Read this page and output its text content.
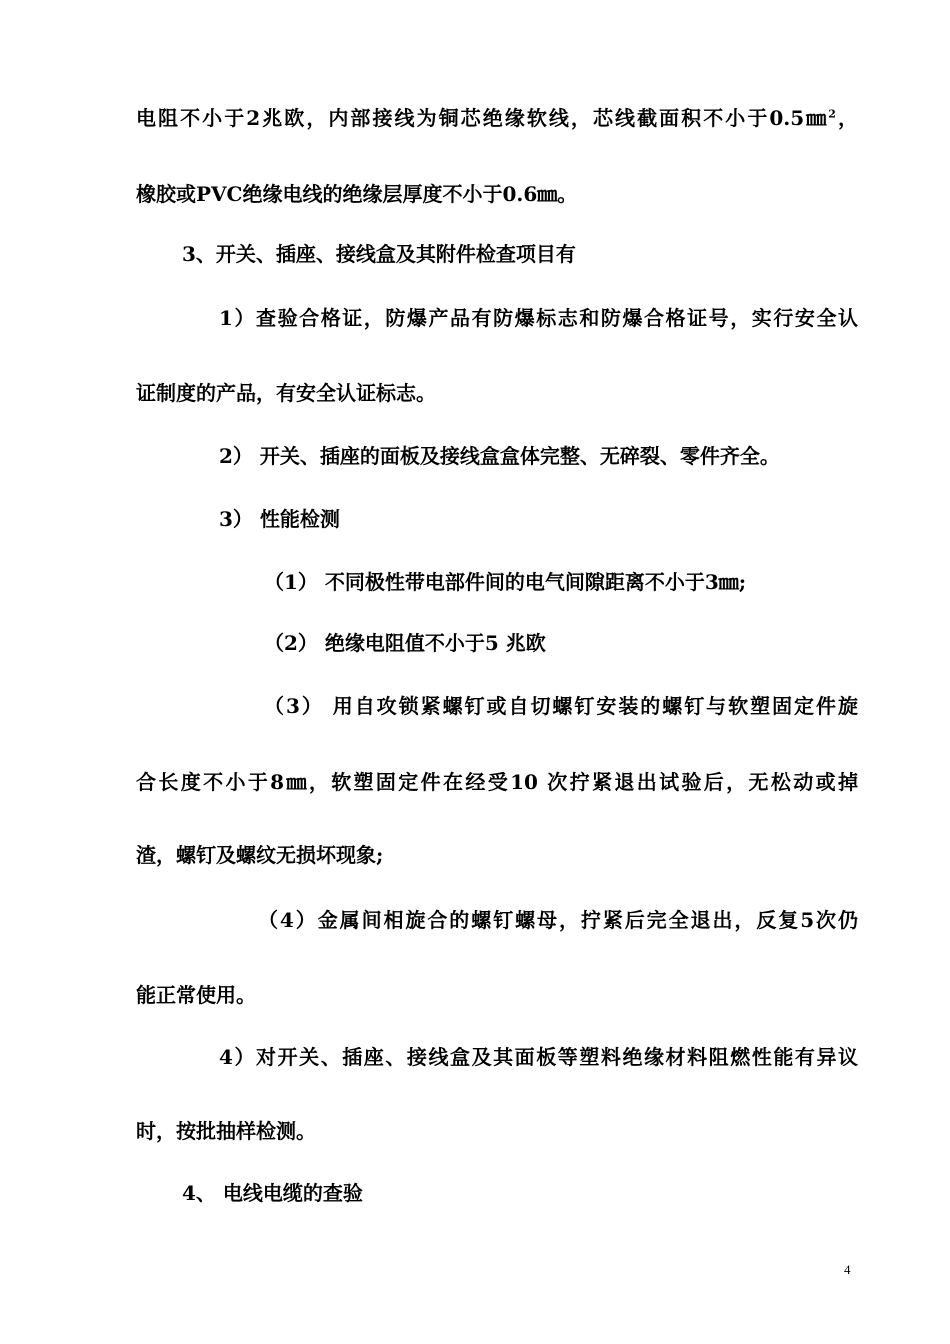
电阻不小于2兆欧，内部接线为铜芯绝缘软线，芯线截面积不小于0.5㎜$^2$，
橡胶或PVC绝缘电线的绝缘层厚度不小于0.6㎜。
3、开关、插座、接线盒及其附件检查项目有
1）查验合格证，防爆产品有防爆标志和防爆合格证号，实行安全认
证制度的产品，有安全认证标志。
2） 开关、插座的面板及接线盒盒体完整、无碎裂、零件齐全。
3） 性能检测
（1） 不同极性带电部件间的电气间隙距离不小于3㎜;
（2） 绝缘电阻值不小于5 兆欧
（3） 用自攻锁紧螺钉或自切螺钉安装的螺钉与软塑固定件旋
合长度不小于8㎜，软塑固定件在经受10 次拧紧退出试验后，无松动或掉
渣，螺钉及螺纹无损坏现象;
（4）金属间相旋合的螺钉螺母，拧紧后完全退出，反复5次仍
能正常使用。
4）对开关、插座、接线盒及其面板等塑料绝缘材料阻燃性能有异议
时，按批抽样检测。
4、 电线电缆的查验
4
